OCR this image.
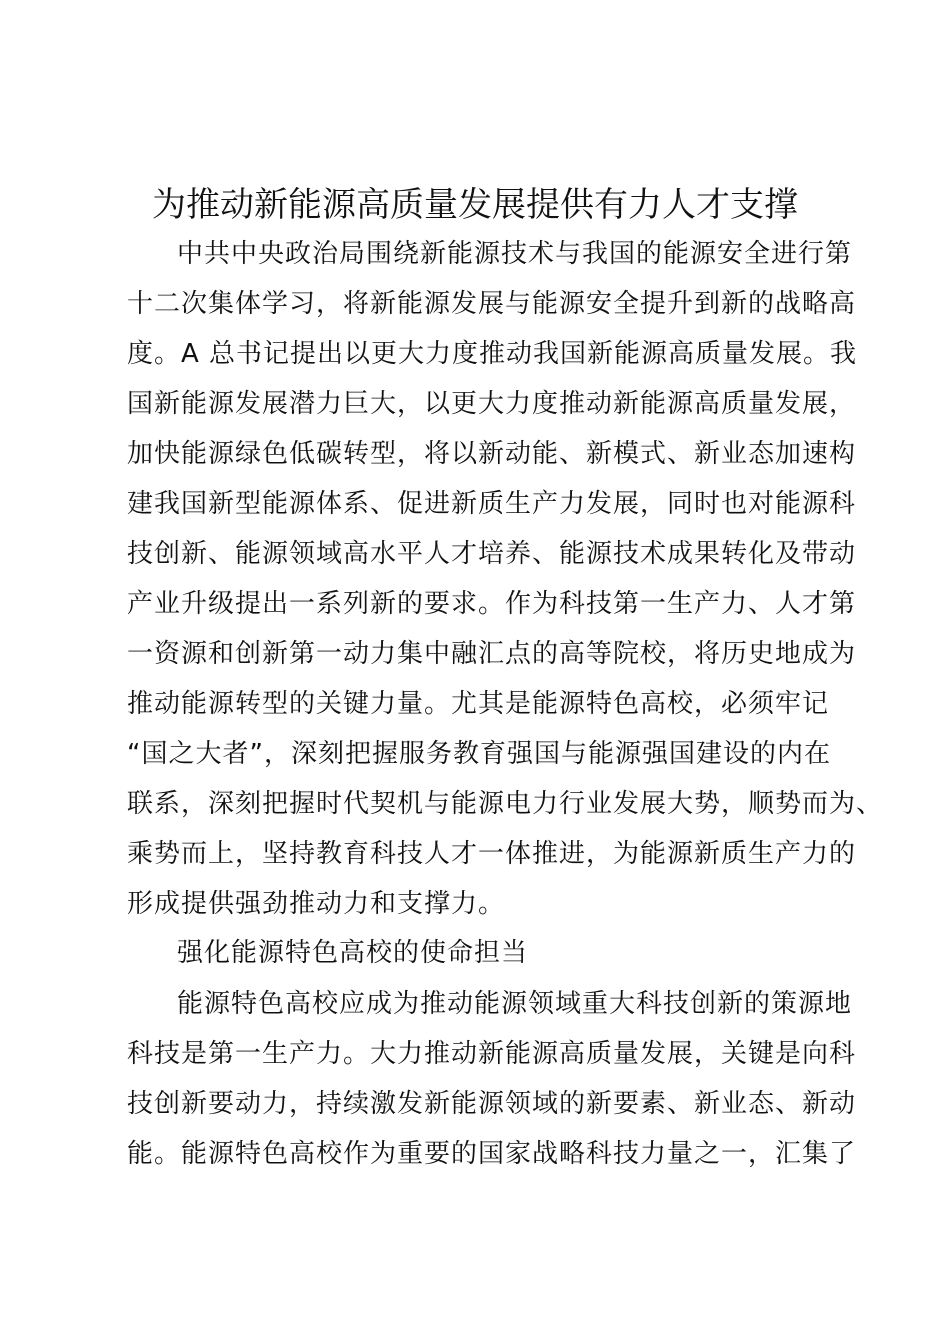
为推动新能源高质量发展提供有力人才支撑
中共中央政治局围绕新能源技术与我国的能源安全进行第
十二次集体学习，将新能源发展与能源安全提升到新的战略高
度。A 总书记提出以更大力度推动我国新能源高质量发展。我
国新能源发展潜力巨大，以更大力度推动新能源高质量发展，
加快能源绿色低碳转型，将以新动能、新模式、新业态加速构
建我国新型能源体系、促进新质生产力发展，同时也对能源科
技创新、能源领域高水平人才培养、能源技术成果转化及带动
产业升级提出一系列新的要求。作为科技第一生产力、人才第
一资源和创新第一动力集中融汇点的高等院校，将历史地成为
推动能源转型的关键力量。尤其是能源特色高校，必须牢记
“国之大者”，深刻把握服务教育强国与能源强国建设的内在
联系，深刻把握时代契机与能源电力行业发展大势，顺势而为、
乘势而上，坚持教育科技人才一体推进，为能源新质生产力的
形成提供强劲推动力和支撑力。
强化能源特色高校的使命担当
能源特色高校应成为推动能源领域重大科技创新的策源地
科技是第一生产力。大力推动新能源高质量发展，关键是向科
技创新要动力，持续激发新能源领域的新要素、新业态、新动
能。能源特色高校作为重要的国家战略科技力量之一，汇集了
